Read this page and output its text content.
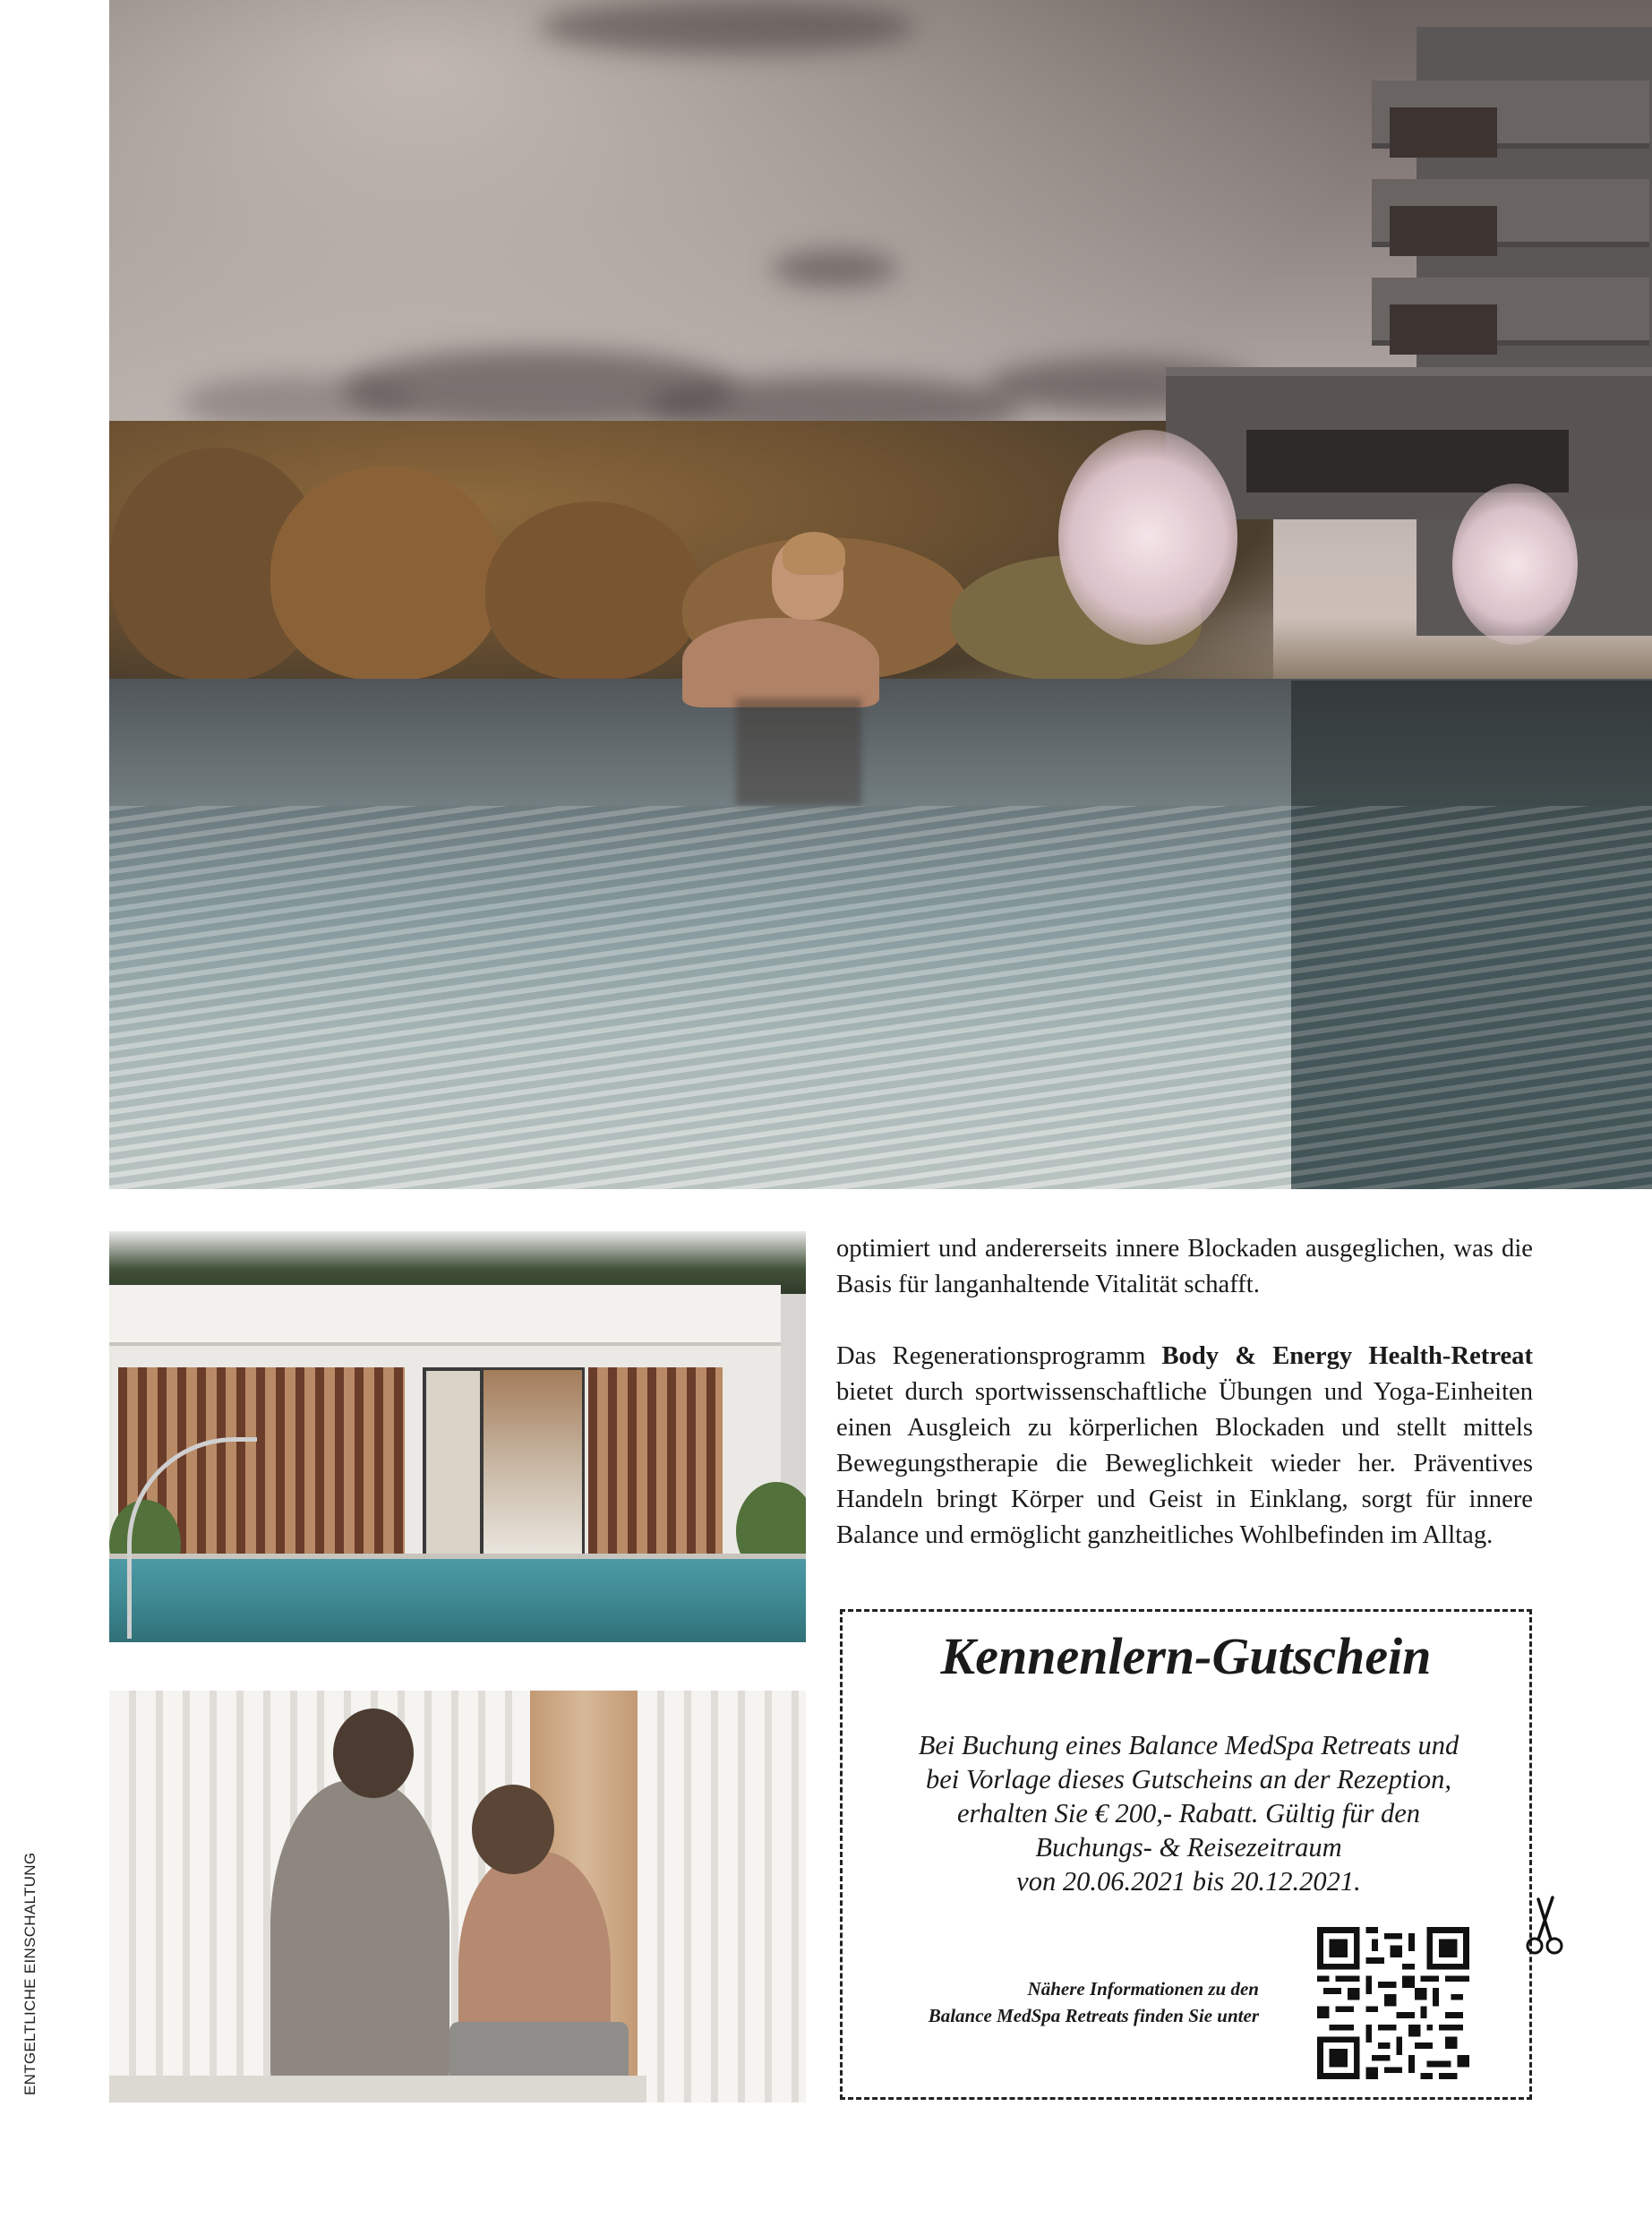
optimiert und andererseits innere Blockaden ausgeglichen, was die Basis für langanhaltende Vitalität schafft.

Das Regenerationsprogramm Body & Energy Health-Retreat bietet durch sportwissenschaftliche Übungen und Yoga-Einheiten einen Ausgleich zu körperlichen Blockaden und stellt mittels Bewegungstherapie die Beweglichkeit wieder her. Präventives Handeln bringt Körper und Geist in Einklang, sorgt für innere Balance und ermöglicht ganzheitliches Wohlbefinden im Alltag.

Kennenlern-Gutschein

Bei Buchung eines Balance MedSpa Retreats und
bei Vorlage dieses Gutscheins an der Rezeption,
erhalten Sie € 200,- Rabatt. Gültig für den
Buchungs- & Reisezeitraum
von 20.06.2021 bis 20.12.2021.

Nähere Informationen zu den
Balance MedSpa Retreats finden Sie unter

ENTGELTLICHE EINSCHALTUNG
